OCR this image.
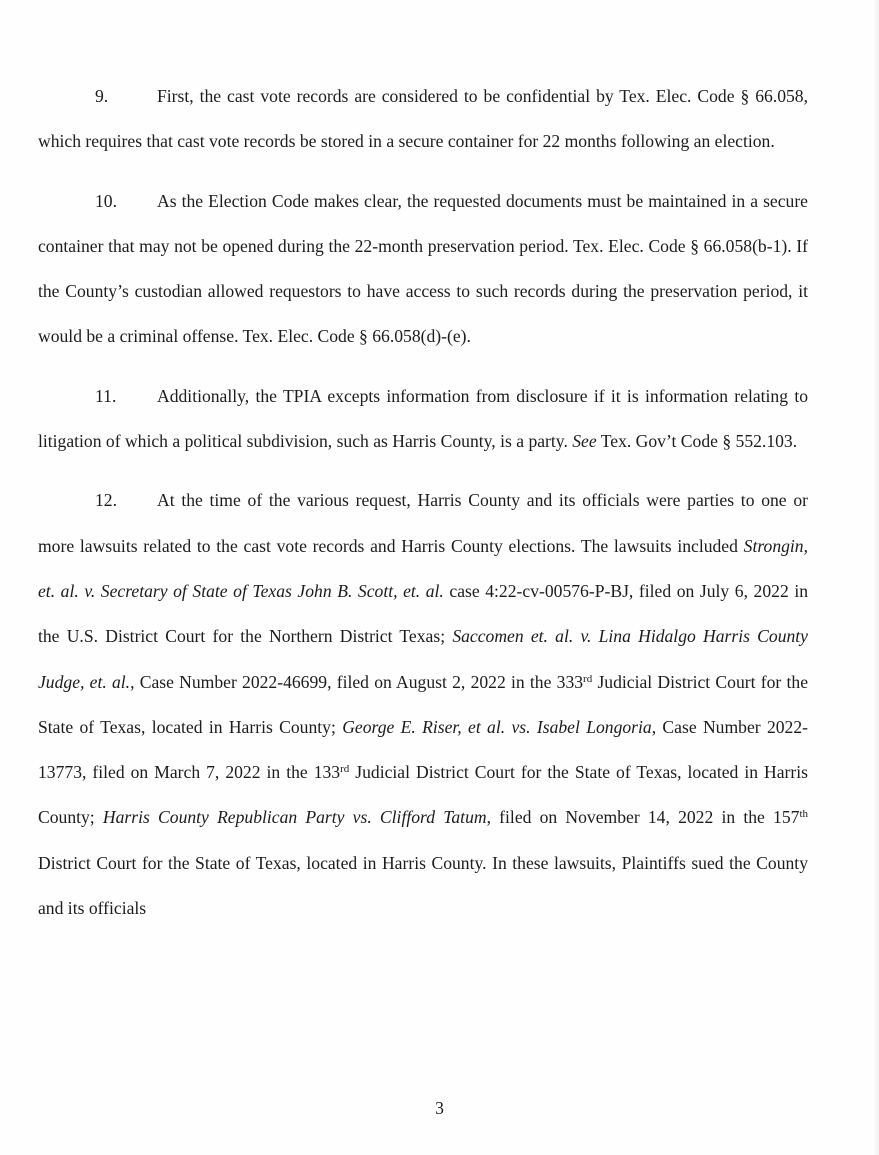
9.	First, the cast vote records are considered to be confidential by Tex. Elec. Code § 66.058, which requires that cast vote records be stored in a secure container for 22 months following an election.

10. As the Election Code makes clear, the requested documents must be maintained in a secure container that may not be opened during the 22-month preservation period. Tex. Elec. Code § 66.058(b-1). If the County’s custodian allowed requestors to have access to such records during the preservation period, it would be a criminal offense. Tex. Elec. Code § 66.058(d)-(e).

11. Additionally, the TPIA excepts information from disclosure if it is information relating to litigation of which a political subdivision, such as Harris County, is a party. See Tex. Gov’t Code § 552.103.

12. At the time of the various request, Harris County and its officials were parties to one or more lawsuits related to the cast vote records and Harris County elections. The lawsuits included Strongin, et. al. v. Secretary of State of Texas John B. Scott, et. al. case 4:22-cv-00576-P-BJ, filed on July 6, 2022 in the U.S. District Court for the Northern District Texas; Saccomen et. al. v. Lina Hidalgo Harris County Judge, et. al., Case Number 2022-46699, filed on August 2, 2022 in the 333rd Judicial District Court for the State of Texas, located in Harris County; George E. Riser, et al. vs. Isabel Longoria, Case Number 2022-13773, filed on March 7, 2022 in the 133rd Judicial District Court for the State of Texas, located in Harris County; Harris County Republican Party vs. Clifford Tatum, filed on November 14, 2022 in the 157th District Court for the State of Texas, located in Harris County. In these lawsuits, Plaintiffs sued the County and its officials

3
